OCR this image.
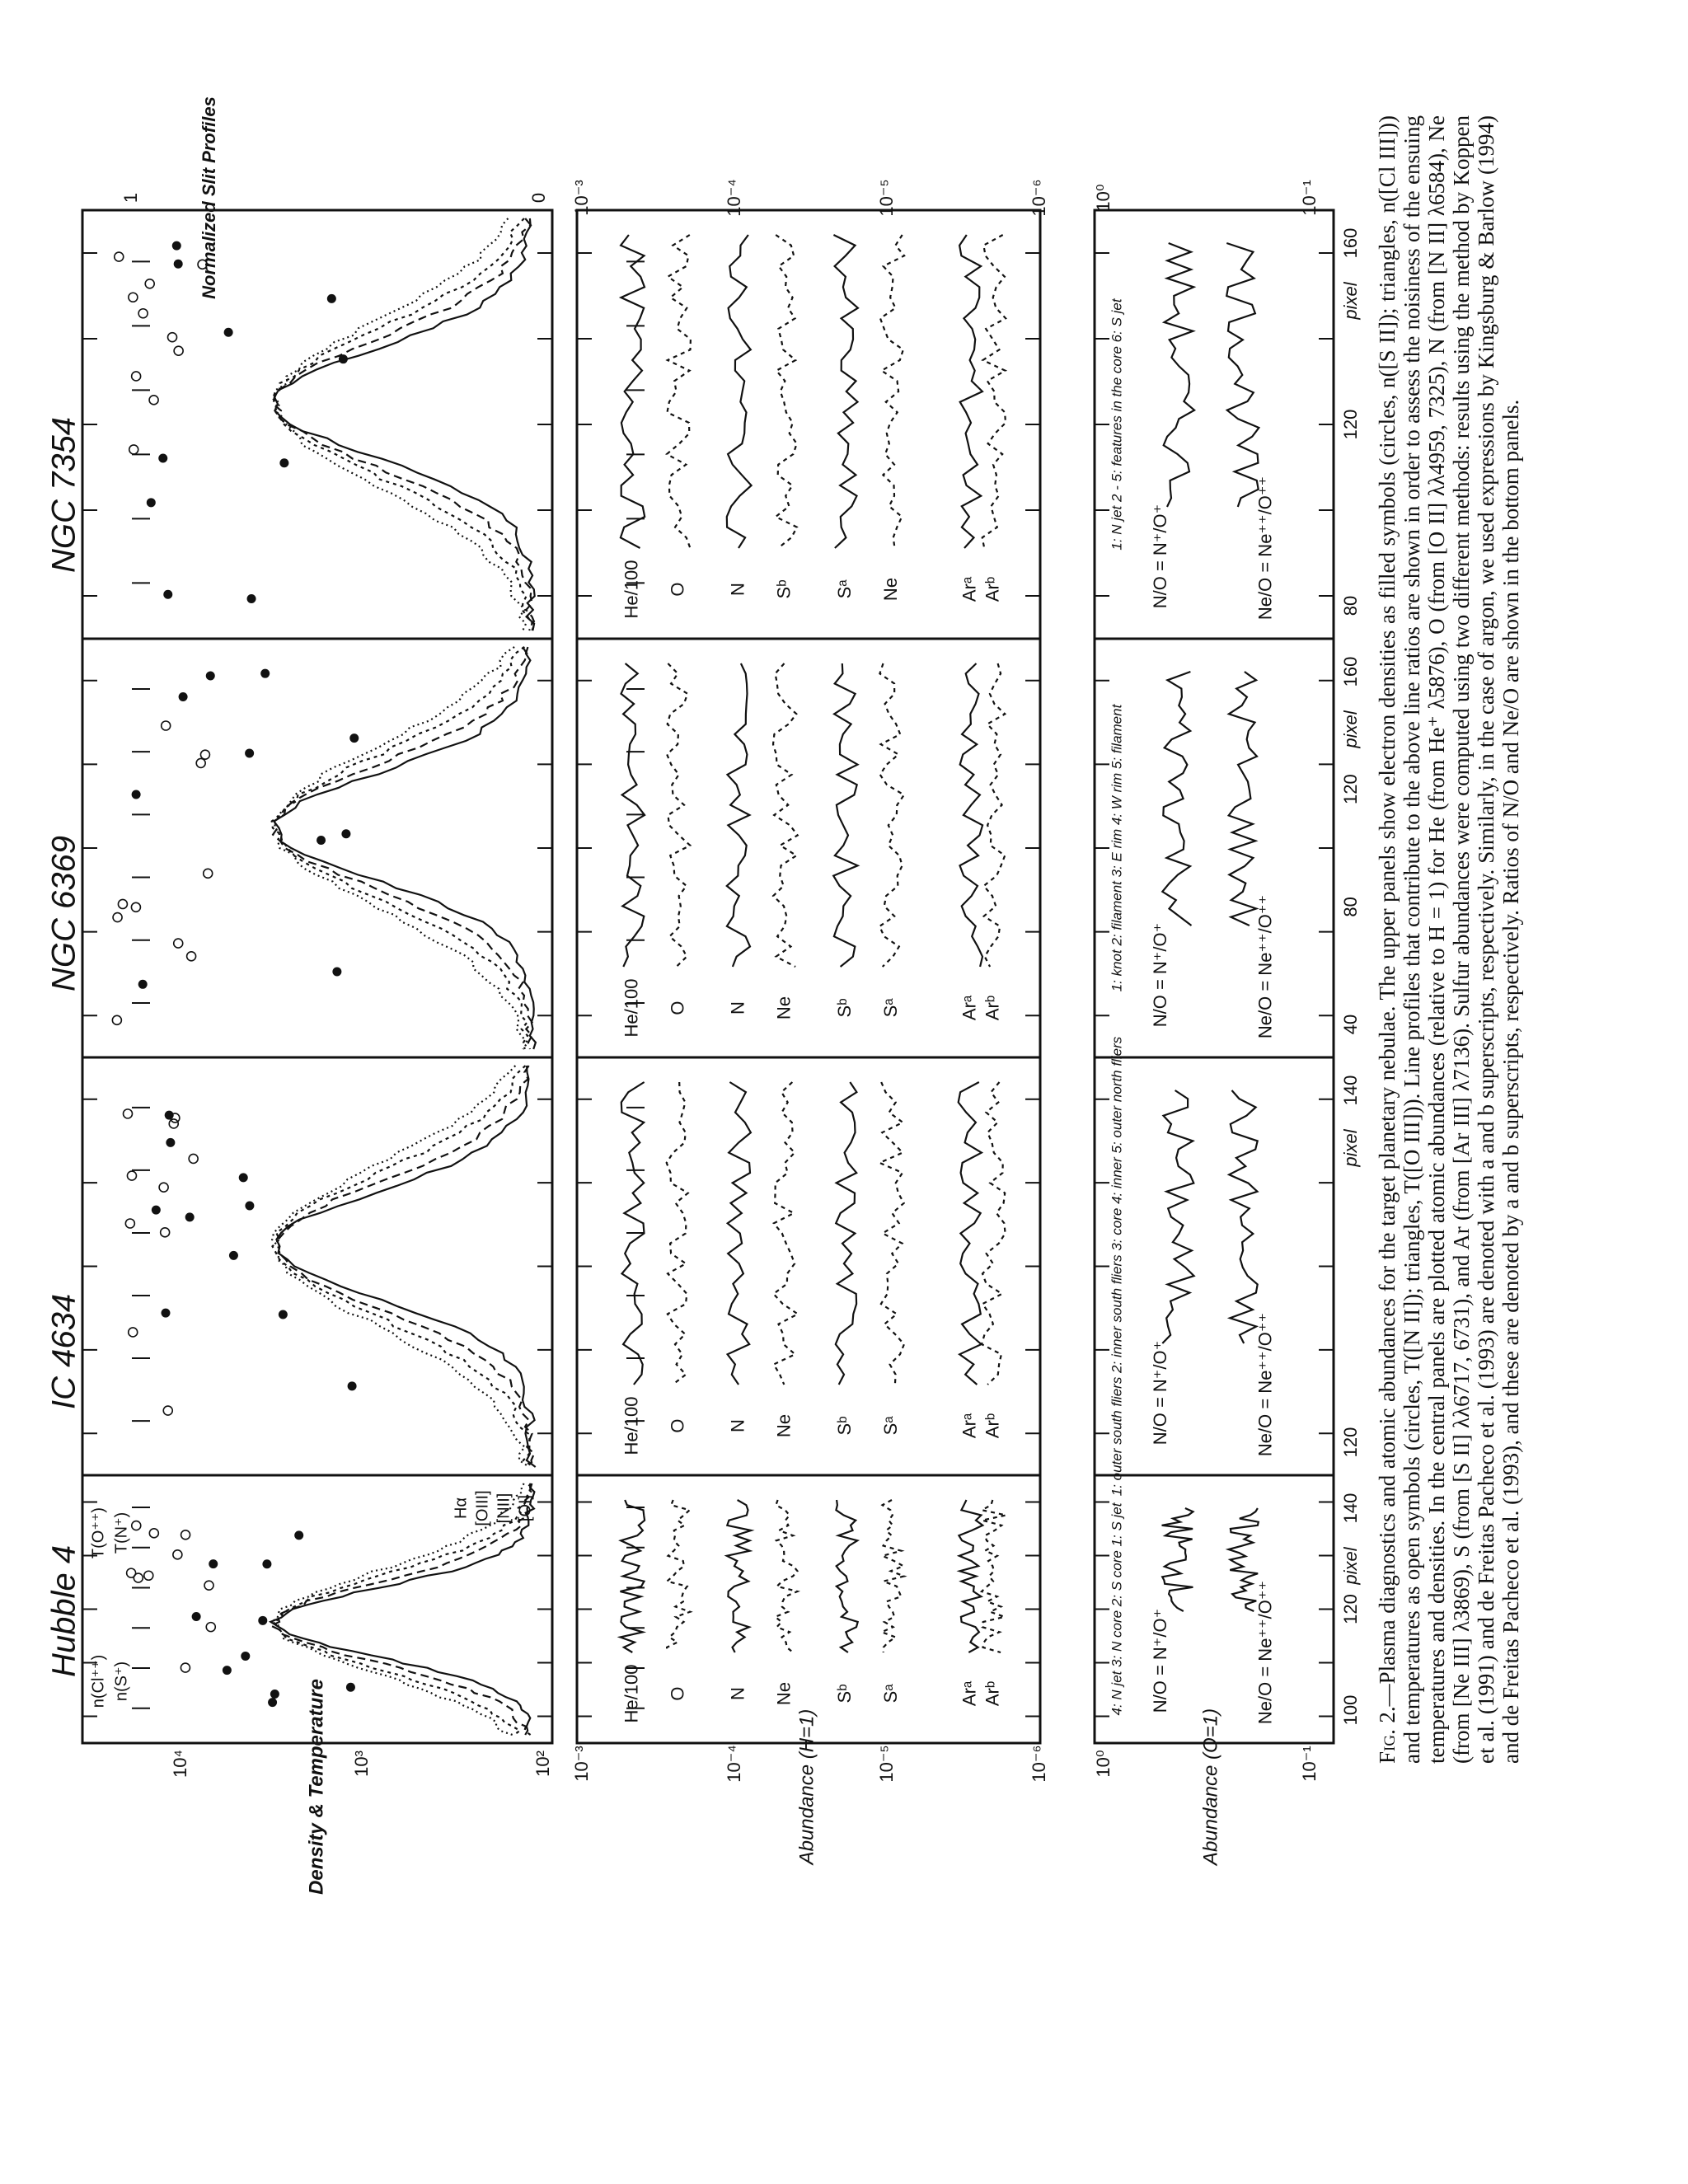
Hubble 4
IC 4634
NGC 6369
NGC 7354
He/100 O N Ne Sᵇ Sᵃ	Arᵃ Arᵇ
He/100 O N Ne Sᵇ Sᵃ	Arᵃ Arᵇ
He/100 O N Ne Sᵇ Sᵃ	Arᵃ Arᵇ
He/100 O N Sᵇ Sᵃ Ne	Arᵃ Arᵇ
N/O = N⁺/O⁺	Ne/O = Ne⁺⁺/O⁺⁺
4: N jet 3: N core 2: S core 1: S jet	pixel
100
120
140
N/O = N⁺/O⁺	Ne/O = Ne⁺⁺/O⁺⁺
1: outer south fliers 2: inner south fliers 3: core 4: inner 5: outer north fliers	pixel
120
140
N/O = N⁺/O⁺	Ne/O = Ne⁺⁺/O⁺⁺
1: knot 2: filament 3: E rim 4: W rim 5: filament	pixel
40
80
120
160
N/O = N⁺/O⁺	Ne/O = Ne⁺⁺/O⁺⁺
1: N jet 2 - 5: features in the core 6: S jet	pixel
80
120
160
Density & Temperature	Abundance (H=1)	Abundance (O=1)
10²
10³
10⁴	10⁻⁶
10⁻⁵
10⁻⁴
10⁻³	10⁻¹
10⁰
Normalized Slit Profiles	0
1	10⁻⁶
10⁻⁵
10⁻⁴
10⁻³	10⁻¹
10⁰
n(Cl⁺⁺) n(S⁺)
T(O⁺⁺) T(N⁺)
Hα [OIII] [NII] [OI]

Fig. 2.—Plasma diagnostics and atomic abundances for the target planetary nebulae. The upper panels show electron densities as filled symbols (circles, n([S II]); triangles, n([Cl III])) and temperatures as open symbols (circles, T([N II]); triangles, T([O III])). Line profiles that contribute to the above line ratios are shown in order to assess the noisiness of the ensuing temperatures and densities. In the central panels are plotted atomic abundances (relative to H = 1) for He (from He⁺ λ5876), O (from [O II] λλ4959, 7325), N (from [N II] λ6584), Ne (from [Ne III] λ3869), S (from [S II] λλ6717, 6731), and Ar (from [Ar III] λ7136). Sulfur abundances were computed using two different methods: results using the method by Koppen et al. (1991) and de Freitas Pacheco et al. (1993) are denoted with a and b superscripts, respectively. Similarly, in the case of argon, we used expressions by Kingsburg & Barlow (1994) and de Freitas Pacheco et al. (1993), and these are denoted by a and b superscripts, respectively. Ratios of N/O and Ne/O are shown in the bottom panels.
